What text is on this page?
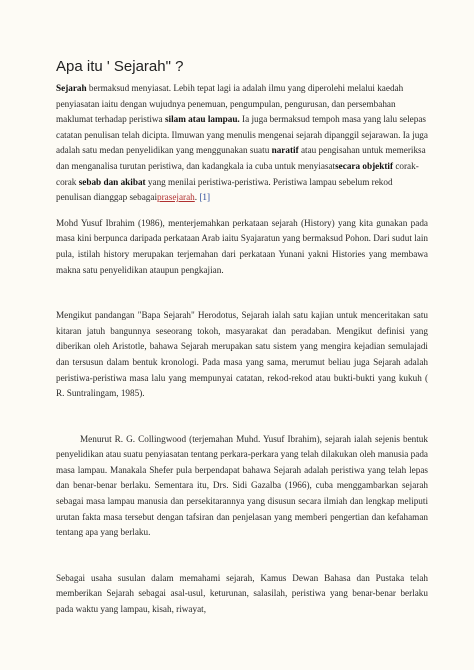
Apa itu ' Sejarah" ?

Sejarah bermaksud menyiasat. Lebih tepat lagi ia adalah ilmu yang diperolehi melalui kaedah penyiasatan iaitu dengan wujudnya penemuan, pengumpulan, pengurusan, dan persembahan maklumat terhadap peristiwa silam atau lampau. Ia juga bermaksud tempoh masa yang lalu selepas catatan penulisan telah dicipta. Ilmuwan yang menulis mengenai sejarah dipanggil sejarawan. Ia juga adalah satu medan penyelidikan yang menggunakan suatu naratif atau pengisahan untuk memeriksa dan menganalisa turutan peristiwa, dan kadangkala ia cuba untuk menyiasatsecara objektif corak-corak sebab dan akibat yang menilai peristiwa-peristiwa. Peristiwa lampau sebelum rekod penulisan dianggap sebagaiprasejarah. [1]

Mohd Yusuf Ibrahim (1986), menterjemahkan perkataan sejarah (History) yang kita gunakan pada masa kini berpunca daripada perkataan Arab iaitu Syajaratun yang bermaksud Pohon. Dari sudut lain pula, istilah history merupakan terjemahan dari perkataan Yunani yakni Histories yang membawa makna satu penyelidikan ataupun pengkajian.

Mengikut pandangan "Bapa Sejarah" Herodotus, Sejarah ialah satu kajian untuk menceritakan satu kitaran jatuh bangunnya seseorang tokoh, masyarakat dan peradaban. Mengikut definisi yang diberikan oleh Aristotle, bahawa Sejarah merupakan satu sistem yang mengira kejadian semulajadi dan tersusun dalam bentuk kronologi. Pada masa yang sama, merumut beliau juga Sejarah adalah peristiwa-peristiwa masa lalu yang mempunyai catatan, rekod-rekod atau bukti-bukti yang kukuh ( R. Suntralingam, 1985).

Menurut R. G. Collingwood (terjemahan Muhd. Yusuf Ibrahim), sejarah ialah sejenis bentuk penyelidikan atau suatu penyiasatan tentang perkara-perkara yang telah dilakukan oleh manusia pada masa lampau. Manakala Shefer pula berpendapat bahawa Sejarah adalah peristiwa yang telah lepas dan benar-benar berlaku. Sementara itu, Drs. Sidi Gazalba (1966), cuba menggambarkan sejarah sebagai masa lampau manusia dan persekitarannya yang disusun secara ilmiah dan lengkap meliputi urutan fakta masa tersebut dengan tafsiran dan penjelasan yang memberi pengertian dan kefahaman tentang apa yang berlaku.

Sebagai usaha susulan dalam memahami sejarah, Kamus Dewan Bahasa dan Pustaka telah memberikan Sejarah sebagai asal-usul, keturunan, salasilah, peristiwa yang benar-benar berlaku pada waktu yang lampau, kisah, riwayat,
